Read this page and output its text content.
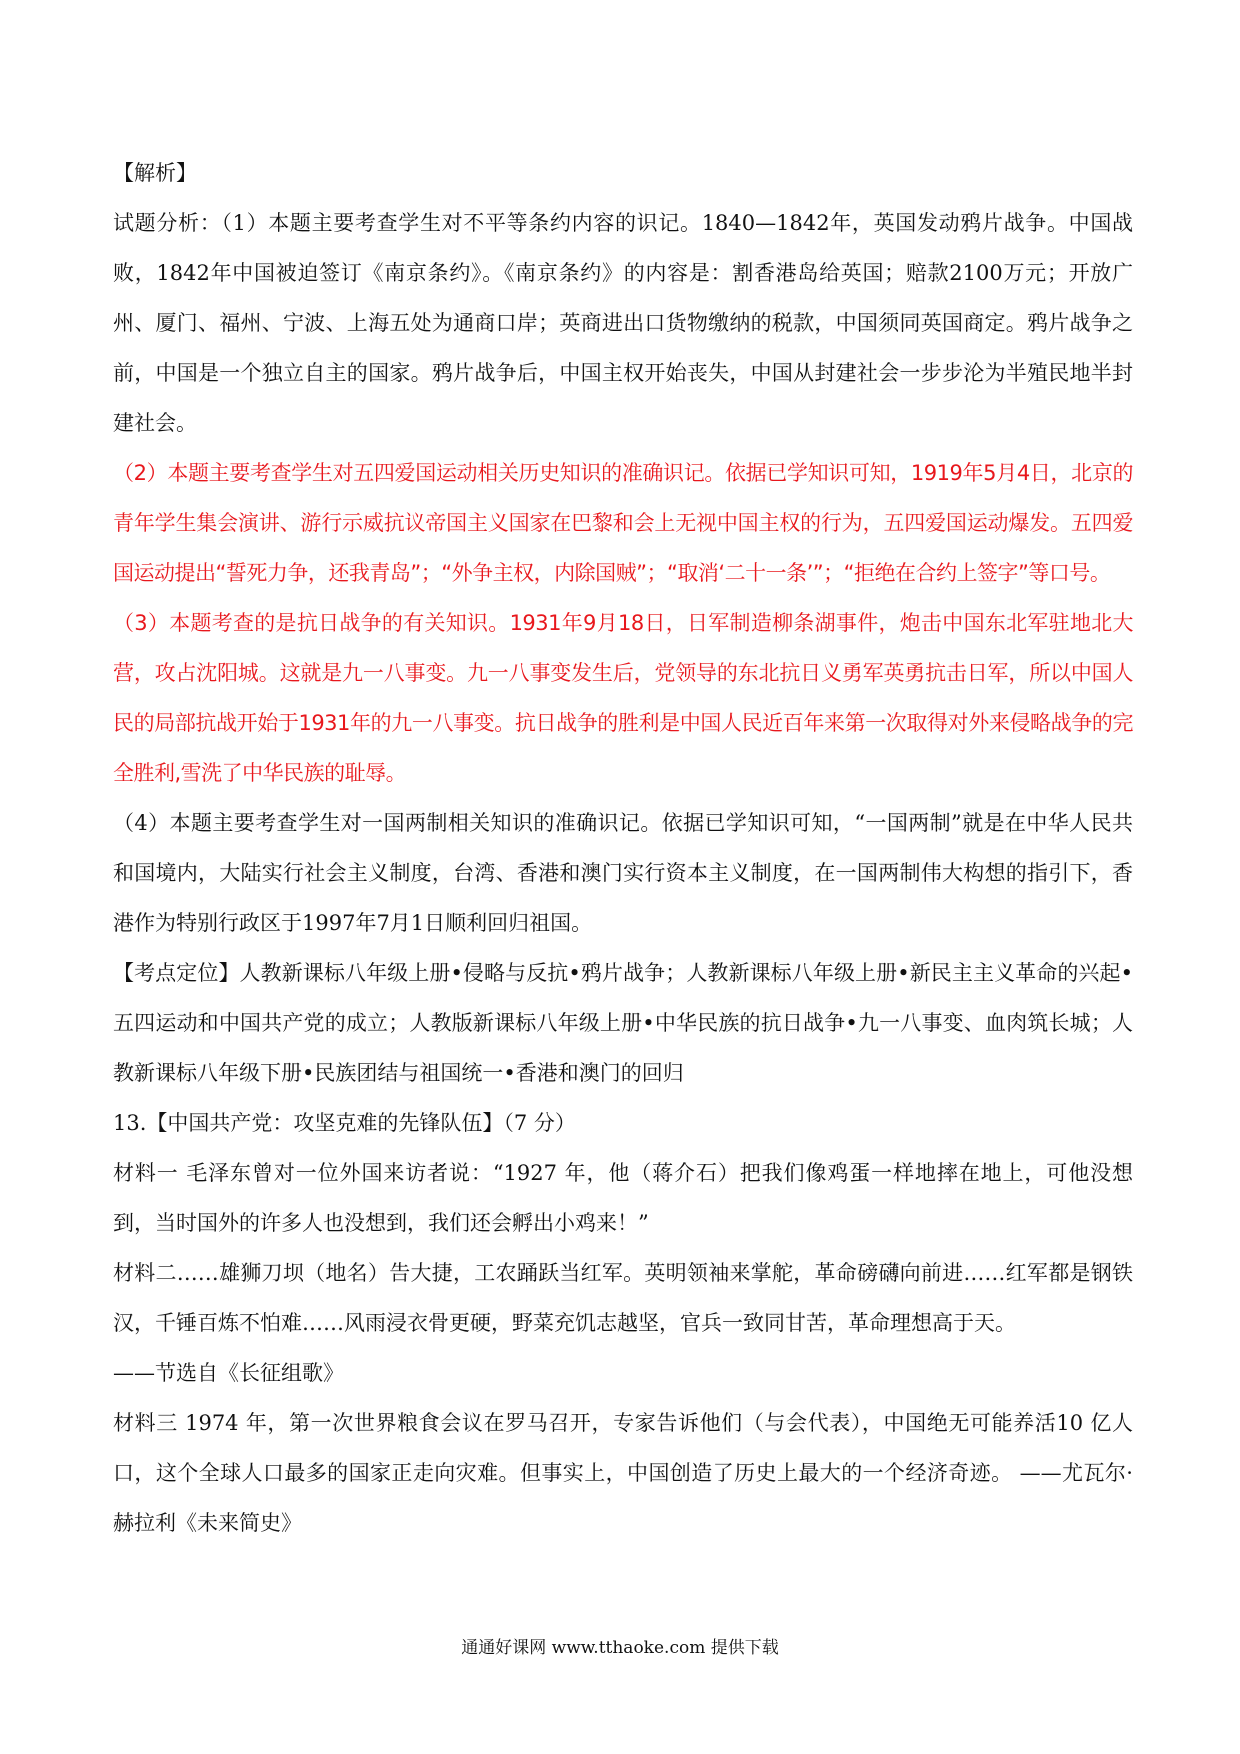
【解析】

试题分析：（1）本题主要考查学生对不平等条约内容的识记。1840—1842年，英国发动鸦片战争。中国战败，1842年中国被迫签订《南京条约》。《南京条约》的内容是：割香港岛给英国；赔款2100万元；开放广州、厦门、福州、宁波、上海五处为通商口岸；英商进出口货物缴纳的税款，中国须同英国商定。鸦片战争之前，中国是一个独立自主的国家。鸦片战争后，中国主权开始丧失，中国从封建社会一步步沦为半殖民地半封建社会。

（2）本题主要考查学生对五四爱国运动相关历史知识的准确识记。依据已学知识可知，1919年5月4日，北京的青年学生集会演讲、游行示威抗议帝国主义国家在巴黎和会上无视中国主权的行为，五四爱国运动爆发。五四爱国运动提出“誓死力争，还我青岛”；“外争主权，内除国贼”；“取消‘二十一条’”；“拒绝在合约上签字”等口号。

（3）本题考查的是抗日战争的有关知识。1931年9月18日，日军制造柳条湖事件，炮击中国东北军驻地北大营，攻占沈阳城。这就是九一八事变。九一八事变发生后，党领导的东北抗日义勇军英勇抗击日军，所以中国人民的局部抗战开始于1931年的九一八事变。抗日战争的胜利是中国人民近百年来第一次取得对外来侵略战争的完全胜利,雪洗了中华民族的耻辱。

（4）本题主要考查学生对一国两制相关知识的准确识记。依据已学知识可知，“一国两制”就是在中华人民共和国境内，大陆实行社会主义制度，台湾、香港和澳门实行资本主义制度，在一国两制伟大构想的指引下，香港作为特别行政区于1997年7月1日顺利回归祖国。

【考点定位】人教新课标八年级上册•侵略与反抗•鸦片战争；人教新课标八年级上册•新民主主义革命的兴起•五四运动和中国共产党的成立；人教版新课标八年级上册•中华民族的抗日战争•九一八事变、血肉筑长城；人教新课标八年级下册•民族团结与祖国统一•香港和澳门的回归

13.【中国共产党：攻坚克难的先锋队伍】（7 分）

材料一 毛泽东曾对一位外国来访者说：“1927 年，他（蒋介石）把我们像鸡蛋一样地摔在地上，可他没想到，当时国外的许多人也没想到，我们还会孵出小鸡来！”

材料二……雄狮刀坝（地名）告大捷，工农踊跃当红军。英明领袖来掌舵，革命磅礴向前进……红军都是钢铁汉，千锤百炼不怕难……风雨浸衣骨更硬，野菜充饥志越坚，官兵一致同甘苦，革命理想高于天。

——节选自《长征组歌》

材料三 1974 年，第一次世界粮食会议在罗马召开，专家告诉他们（与会代表），中国绝无可能养活10 亿人口，这个全球人口最多的国家正走向灾难。但事实上，中国创造了历史上最大的一个经济奇迹。 ——尤瓦尔·赫拉利《未来简史》

通通好课网 www.tthaoke.com 提供下载
